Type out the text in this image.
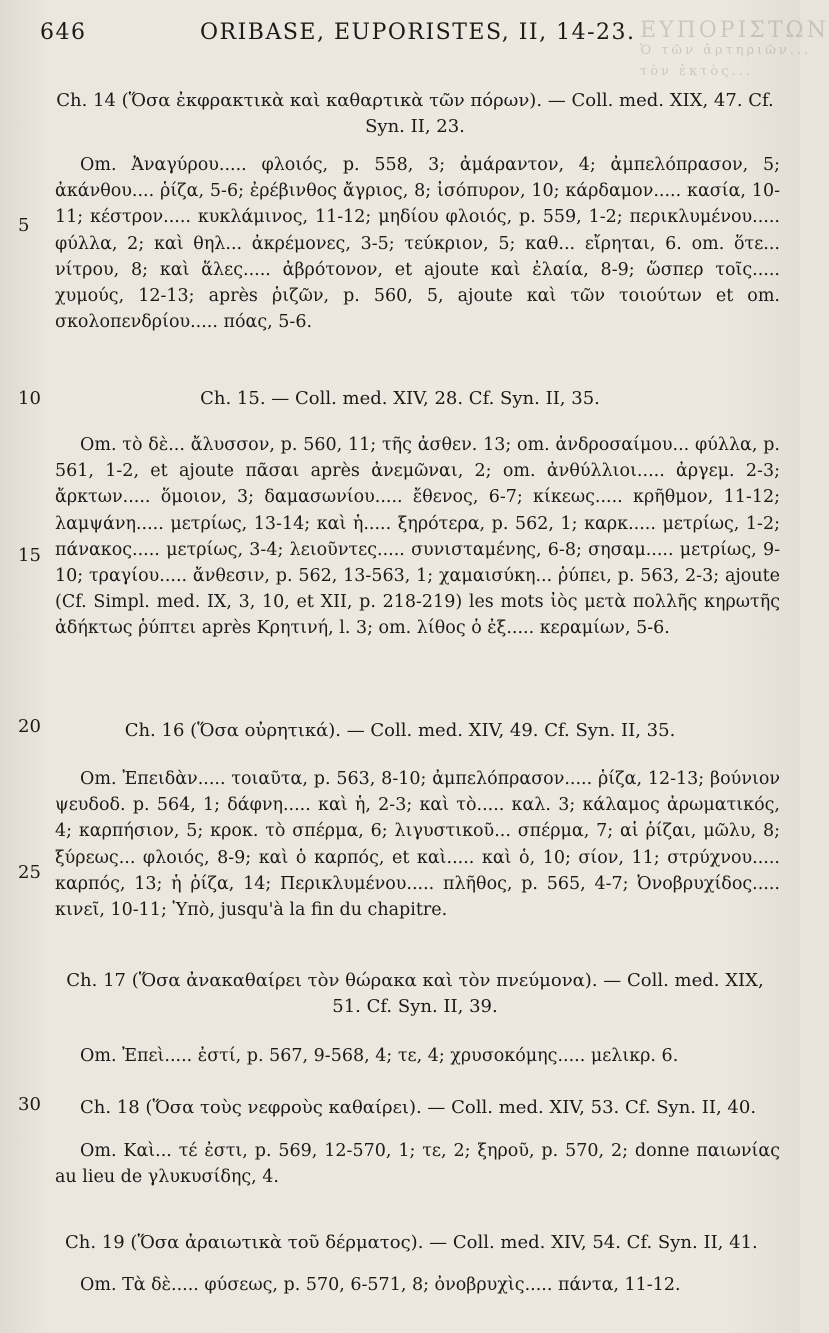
ΕΥΠΟΡΙΣΤΩΝ
Ὁ τῶν ἀρτηριῶν...
τὸν ἐκτὸς...
646	ORIBASE, EUPORISTES, II, 14-23.
5
10
15
20
25
30
Ch. 14 (Ὅσα ἐκφρακτικὰ καὶ καθαρτικὰ τῶν πόρων). — Coll. med. XIX, 47. Cf. Syn. II, 23.
Om. Ἀναγύρου..... φλοιός, p. 558, 3; ἀμάραντον, 4; ἀμπελόπρασον, 5; ἀκάνθου.... ῥίζα, 5-6; ἐρέβινθος ἄγριος, 8; ἰσόπυρον, 10; κάρδαμον..... κασία, 10-11; κέστρον..... κυκλάμινος, 11-12; μηδίου φλοιός, p. 559, 1-2; περικλυμένου..... φύλλα, 2; καὶ θηλ... ἀκρέμονες, 3-5; τεύκριον, 5; καθ... εἴρηται, 6. om. ὅτε... νίτρου, 8; καὶ ἅλες..... ἀβρότονον, et ajoute καὶ ἐλαία, 8-9; ὥσπερ τοῖς..... χυμούς, 12-13; après ῥιζῶν, p. 560, 5, ajoute καὶ τῶν τοιούτων et om. σκολοπενδρίου..... πόας, 5-6.
Ch. 15. — Coll. med. XIV, 28. Cf. Syn. II, 35.
Om. τὸ δὲ... ἄλυσσον, p. 560, 11; τῆς ἀσθεν. 13; om. ἀνδροσαίμου... φύλλα, p. 561, 1-2, et ajoute πᾶσαι après ἀνεμῶναι, 2; om. ἀνθύλλιοι..... ἀργεμ. 2-3; ἄρκτων..... ὅμοιον, 3; δαμασωνίου..... ἔθενος, 6-7; κίκεως..... κρῆθμον, 11-12; λαμψάνη..... μετρίως, 13-14; καὶ ἡ..... ξηρότερα, p. 562, 1; καρκ..... μετρίως, 1-2; πάνακος..... μετρίως, 3-4; λειοῦντες..... συνισταμένης, 6-8; σησαμ..... μετρίως, 9-10; τραγίου..... ἄνθεσιν, p. 562, 13-563, 1; χαμαισύκη... ῥύπει, p. 563, 2-3; ajoute (Cf. Simpl. med. IX, 3, 10, et XII, p. 218-219) les mots ἰὸς μετὰ πολλῆς κηρωτῆς ἀδήκτως ῥύπτει après Κρητινή, l. 3; om. λίθος ὁ ἐξ..... κεραμίων, 5-6.
Ch. 16 (Ὅσα οὐρητικά). — Coll. med. XIV, 49. Cf. Syn. II, 35.
Om. Ἐπειδὰν..... τοιαῦτα, p. 563, 8-10; ἀμπελόπρασον..... ῥίζα, 12-13; βούνιον ψευδοδ. p. 564, 1; δάφνη..... καὶ ἡ, 2-3; καὶ τὸ..... καλ. 3; κάλαμος ἀρωματικός, 4; καρπήσιον, 5; κροκ. τὸ σπέρμα, 6; λιγυστικοῦ... σπέρμα, 7; αἱ ῥίζαι, μῶλυ, 8; ξύρεως... φλοιός, 8-9; καὶ ὁ καρπός, et καὶ..... καὶ ὁ, 10; σίον, 11; στρύχνου..... καρπός, 13; ἡ ῥίζα, 14; Περικλυμένου..... πλῆθος, p. 565, 4-7; Ὀνοβρυχίδος..... κινεῖ, 10-11; Ὑπὸ, jusqu'à la fin du chapitre.
Ch. 17 (Ὅσα ἀνακαθαίρει τὸν θώρακα καὶ τὸν πνεύμονα). — Coll. med. XIX, 51. Cf. Syn. II, 39.
Om. Ἐπεὶ..... ἐστί, p. 567, 9-568, 4; τε, 4; χρυσοκόμης..... μελικρ. 6.
Ch. 18 (Ὅσα τοὺς νεφροὺς καθαίρει). — Coll. med. XIV, 53. Cf. Syn. II, 40.
Om. Καὶ... τέ ἐστι, p. 569, 12-570, 1; τε, 2; ξηροῦ, p. 570, 2; donne παιωνίας au lieu de γλυκυσίδης, 4.
Ch. 19 (Ὅσα ἀραιωτικὰ τοῦ δέρματος). — Coll. med. XIV, 54. Cf. Syn. II, 41.
Om. Τὰ δὲ..... φύσεως, p. 570, 6-571, 8; ὀνοβρυχὶς..... πάντα, 11-12.
